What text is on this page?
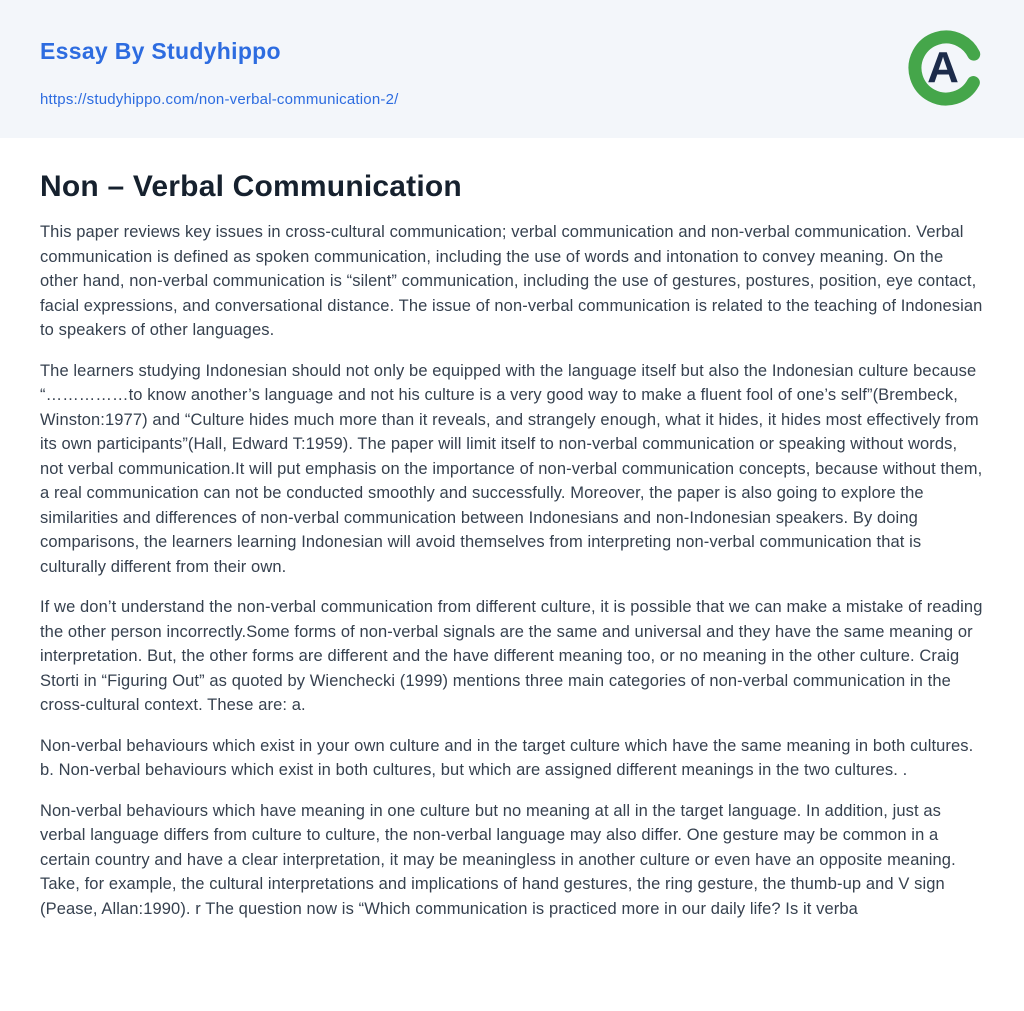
Essay By Studyhippo
https://studyhippo.com/non-verbal-communication-2/
A
Non – Verbal Communication

This paper reviews key issues in cross-cultural communication; verbal communication and non-verbal communication. Verbal communication is defined as spoken communication, including the use of words and intonation to convey meaning. On the other hand, non-verbal communication is “silent” communication, including the use of gestures, postures, position, eye contact, facial expressions, and conversational distance. The issue of non-verbal communication is related to the teaching of Indonesian to speakers of other languages.

The learners studying Indonesian should not only be equipped with the language itself but also the Indonesian culture because “……………to know another’s language and not his culture is a very good way to make a fluent fool of one’s self”(Brembeck, Winston:1977) and “Culture hides much more than it reveals, and strangely enough, what it hides, it hides most effectively from its own participants”(Hall, Edward T:1959). The paper will limit itself to non-verbal communication or speaking without words, not verbal communication.It will put emphasis on the importance of non-verbal communication concepts, because without them, a real communication can not be conducted smoothly and successfully. Moreover, the paper is also going to explore the similarities and differences of non-verbal communication between Indonesians and non-Indonesian speakers. By doing comparisons, the learners learning Indonesian will avoid themselves from interpreting non-verbal communication that is culturally different from their own.

If we don’t understand the non-verbal communication from different culture, it is possible that we can make a mistake of reading the other person incorrectly.Some forms of non-verbal signals are the same and universal and they have the same meaning or interpretation. But, the other forms are different and the have different meaning too, or no meaning in the other culture. Craig Storti in “Figuring Out” as quoted by Wienchecki (1999) mentions three main categories of non-verbal communication in the cross-cultural context. These are: a.

Non-verbal behaviours which exist in your own culture and in the target culture which have the same meaning in both cultures. b. Non-verbal behaviours which exist in both cultures, but which are assigned different meanings in the two cultures. .

Non-verbal behaviours which have meaning in one culture but no meaning at all in the target language. In addition, just as verbal language differs from culture to culture, the non-verbal language may also differ. One gesture may be common in a certain country and have a clear interpretation, it may be meaningless in another culture or even have an opposite meaning. Take, for example, the cultural interpretations and implications of hand gestures, the ring gesture, the thumb-up and V sign (Pease, Allan:1990). r The question now is “Which communication is practiced more in our daily life? Is it verba
